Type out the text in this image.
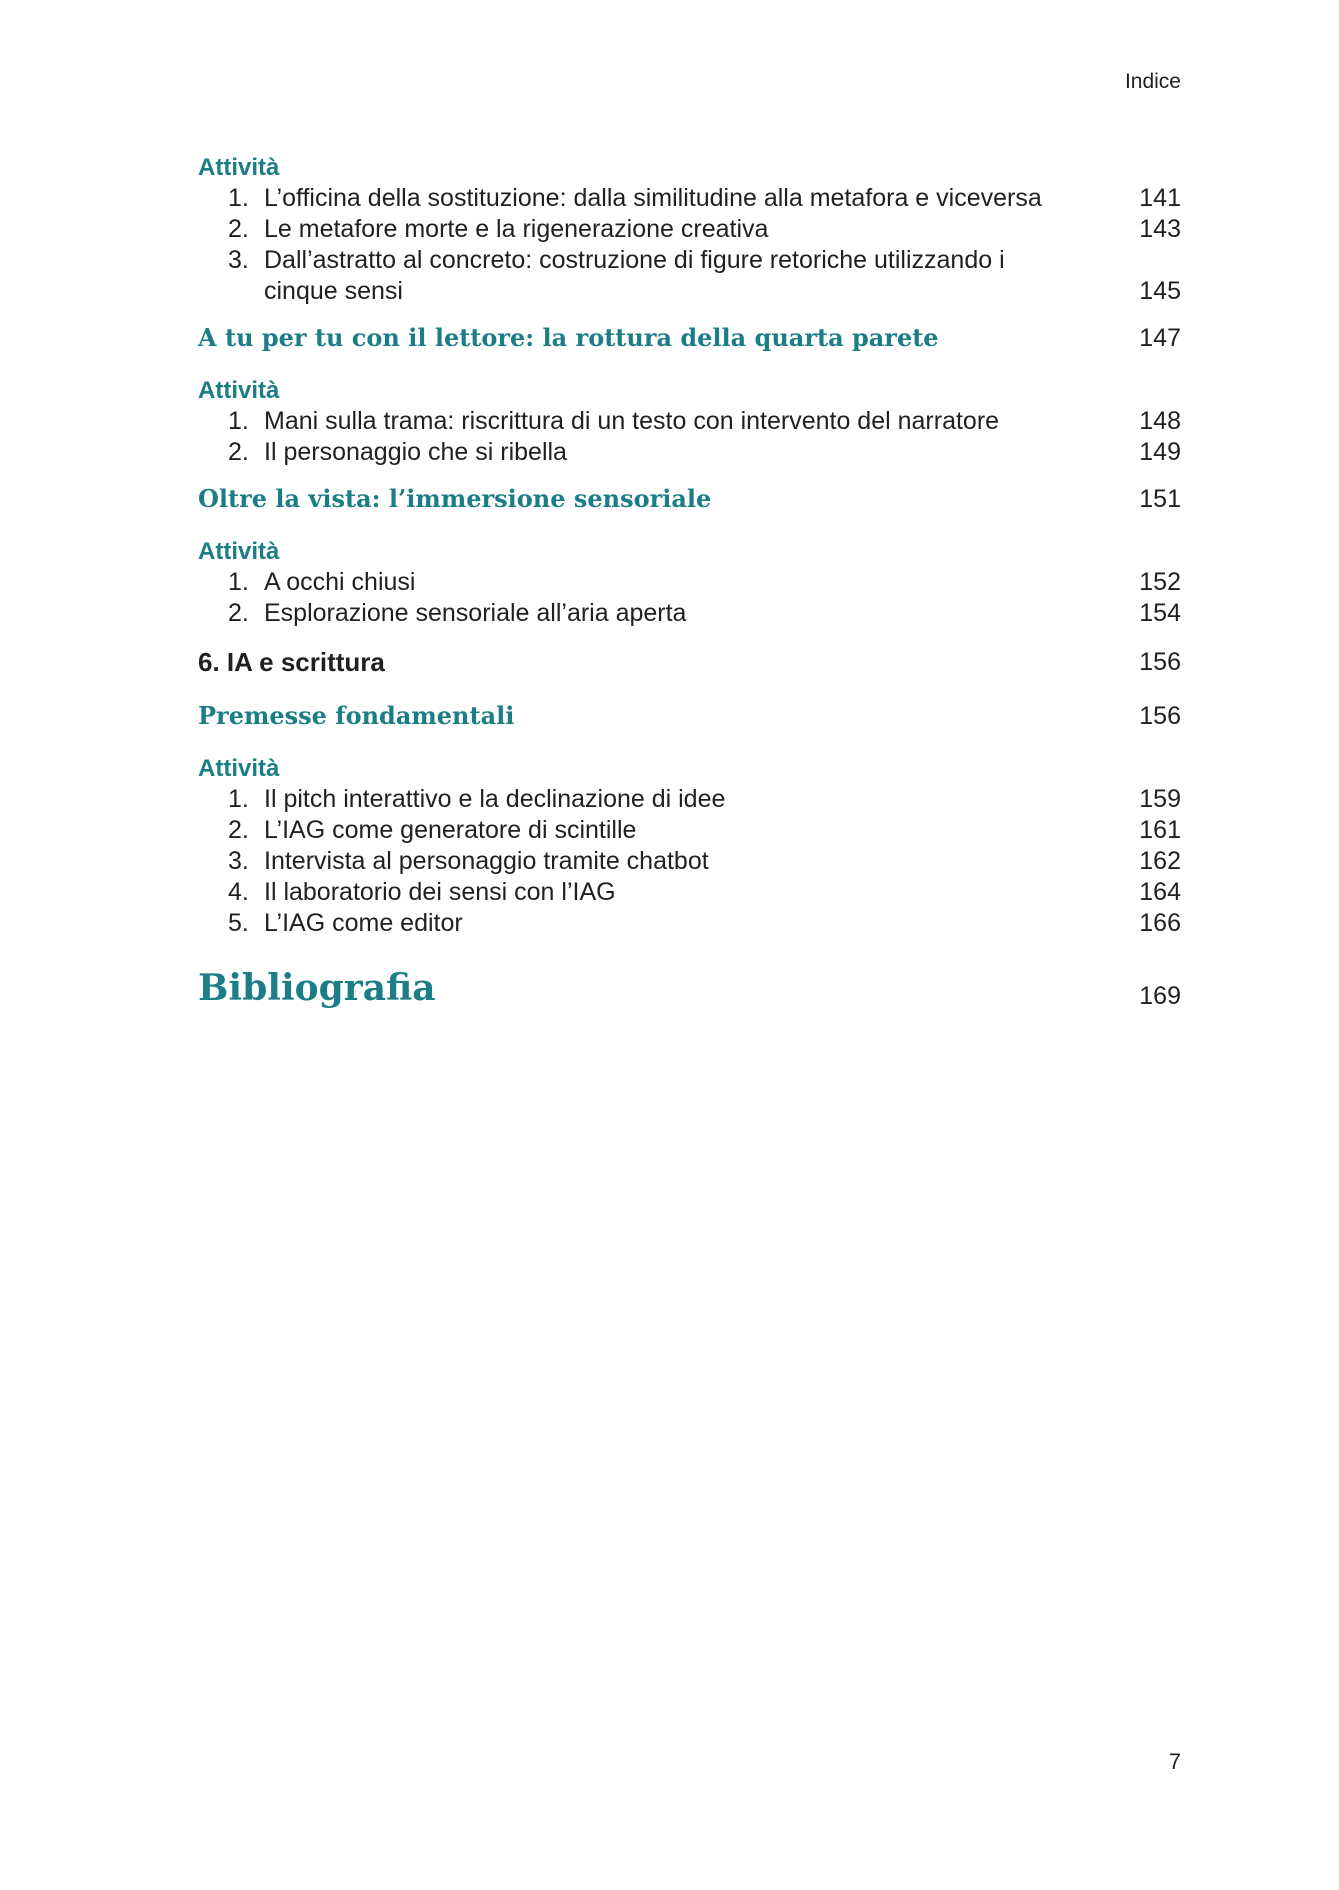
Indice
Attività
1. L’officina della sostituzione: dalla similitudine alla metafora e viceversa	141
2. Le metafore morte e la rigenerazione creativa	143
3. Dall’astratto al concreto: costruzione di figure retoriche utilizzando i cinque sensi	145
A tu per tu con il lettore: la rottura della quarta parete	147
Attività
1. Mani sulla trama: riscrittura di un testo con intervento del narratore	148
2. Il personaggio che si ribella	149
Oltre la vista: l’immersione sensoriale	151
Attività
1. A occhi chiusi	152
2. Esplorazione sensoriale all’aria aperta	154
6. IA e scrittura	156
Premesse fondamentali	156
Attività
1. Il pitch interattivo e la declinazione di idee	159
2. L’IAG come generatore di scintille	161
3. Intervista al personaggio tramite chatbot	162
4. Il laboratorio dei sensi con l’IAG	164
5. L’IAG come editor	166
Bibliografia	169
7
